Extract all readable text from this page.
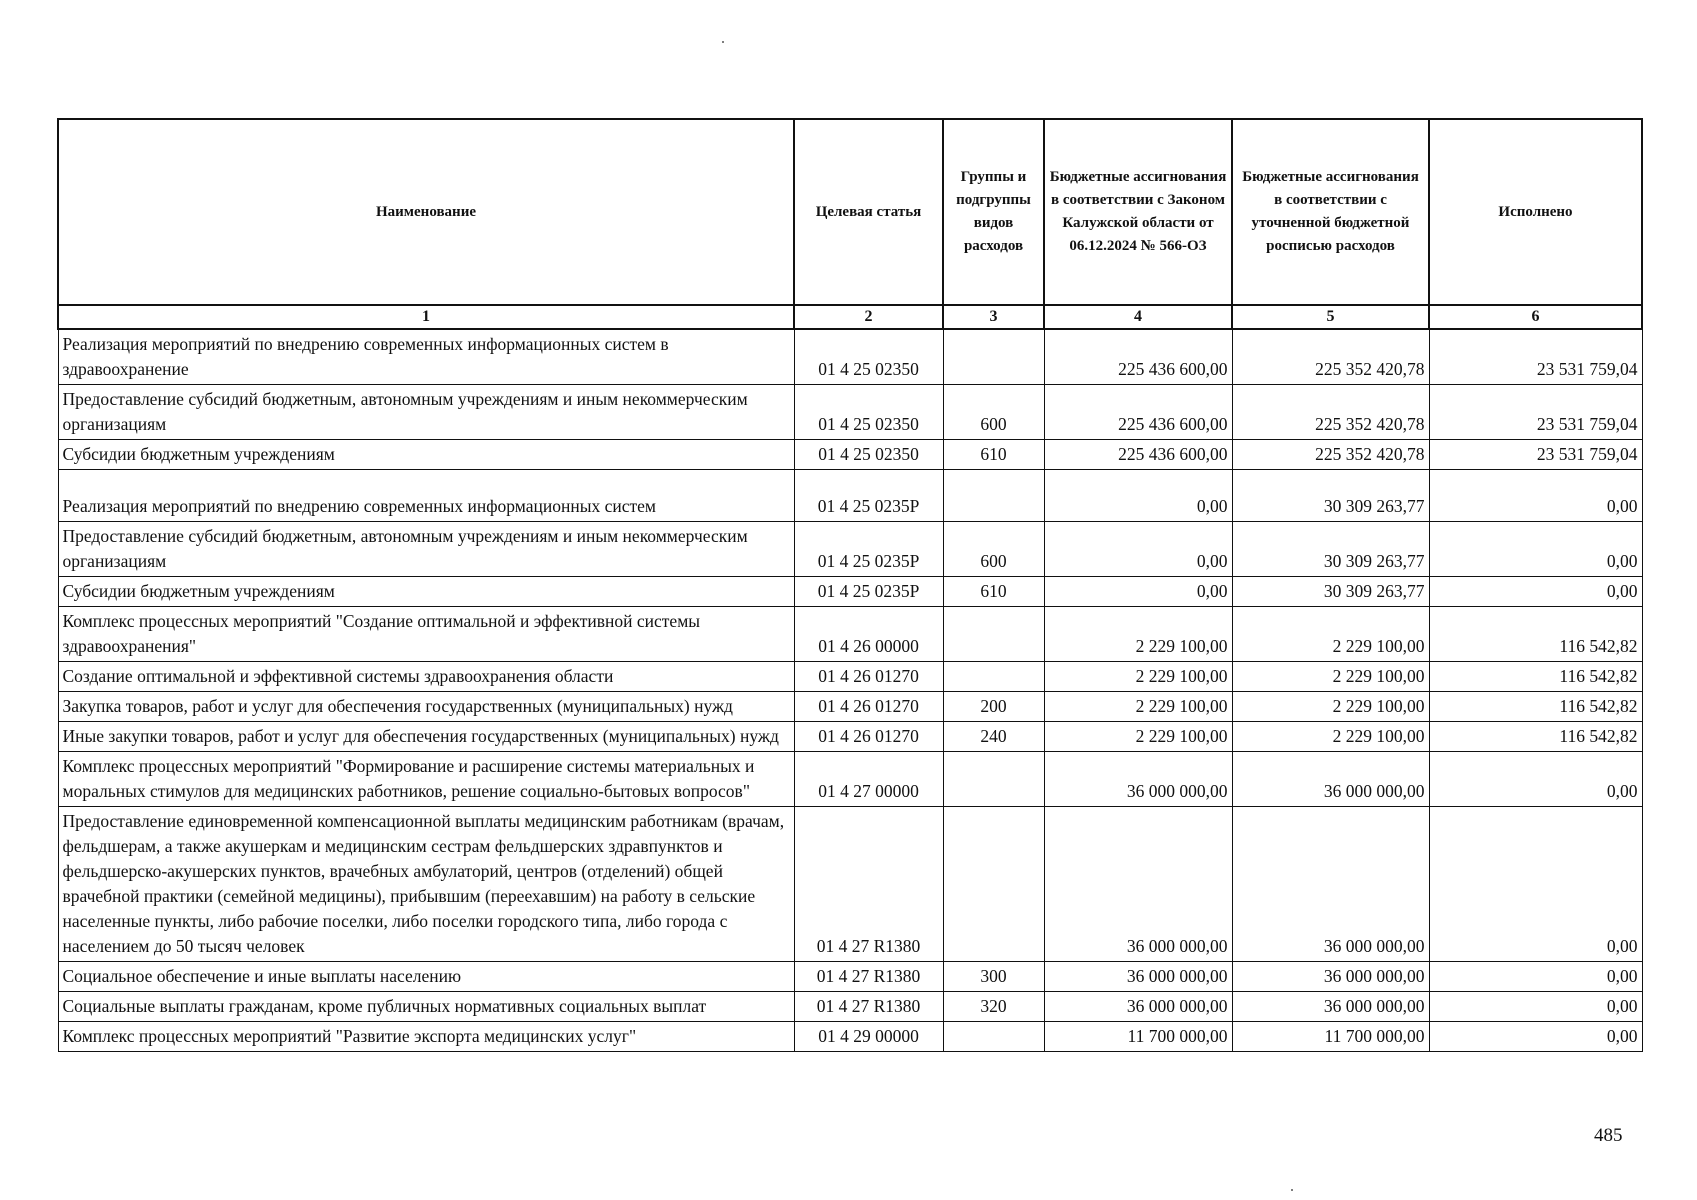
Наименование	Целевая статья	Группы и подгруппы видов расходов	Бюджетные ассигнования в соответствии с Законом Калужской области от 06.12.2024 № 566-ОЗ	Бюджетные ассигнования в соответствии с уточненной бюджетной росписью расходов	Исполнено
1	2	3	4	5	6
Реализация мероприятий по внедрению современных информационных систем в здравоохранение	01 4 25 02350		225 436 600,00	225 352 420,78	23 531 759,04
Предоставление субсидий бюджетным, автономным учреждениям и иным некоммерческим организациям	01 4 25 02350	600	225 436 600,00	225 352 420,78	23 531 759,04
Субсидии бюджетным учреждениям	01 4 25 02350	610	225 436 600,00	225 352 420,78	23 531 759,04
Реализация мероприятий по внедрению современных информационных систем	01 4 25 0235Р		0,00	30 309 263,77	0,00
Предоставление субсидий бюджетным, автономным учреждениям и иным некоммерческим организациям	01 4 25 0235Р	600	0,00	30 309 263,77	0,00
Субсидии бюджетным учреждениям	01 4 25 0235Р	610	0,00	30 309 263,77	0,00
Комплекс процессных мероприятий "Создание оптимальной и эффективной системы здравоохранения"	01 4 26 00000		2 229 100,00	2 229 100,00	116 542,82
Создание оптимальной и эффективной системы здравоохранения области	01 4 26 01270		2 229 100,00	2 229 100,00	116 542,82
Закупка товаров, работ и услуг для обеспечения государственных (муниципальных) нужд	01 4 26 01270	200	2 229 100,00	2 229 100,00	116 542,82
Иные закупки товаров, работ и услуг для обеспечения государственных (муниципальных) нужд	01 4 26 01270	240	2 229 100,00	2 229 100,00	116 542,82
Комплекс процессных мероприятий "Формирование и расширение системы материальных и моральных стимулов для медицинских работников, решение социально-бытовых вопросов"	01 4 27 00000		36 000 000,00	36 000 000,00	0,00
Предоставление единовременной компенсационной выплаты медицинским работникам (врачам, фельдшерам, а также акушеркам и медицинским сестрам фельдшерских здравпунктов и фельдшерско-акушерских пунктов, врачебных амбулаторий, центров (отделений) общей врачебной практики (семейной медицины), прибывшим (переехавшим) на работу в сельские населенные пункты, либо рабочие поселки, либо поселки городского типа, либо города с населением до 50 тысяч человек	01 4 27 R1380		36 000 000,00	36 000 000,00	0,00
Социальное обеспечение и иные выплаты населению	01 4 27 R1380	300	36 000 000,00	36 000 000,00	0,00
Социальные выплаты гражданам, кроме публичных нормативных социальных выплат	01 4 27 R1380	320	36 000 000,00	36 000 000,00	0,00
Комплекс процессных мероприятий "Развитие экспорта медицинских услуг"	01 4 29 00000		11 700 000,00	11 700 000,00	0,00
485
